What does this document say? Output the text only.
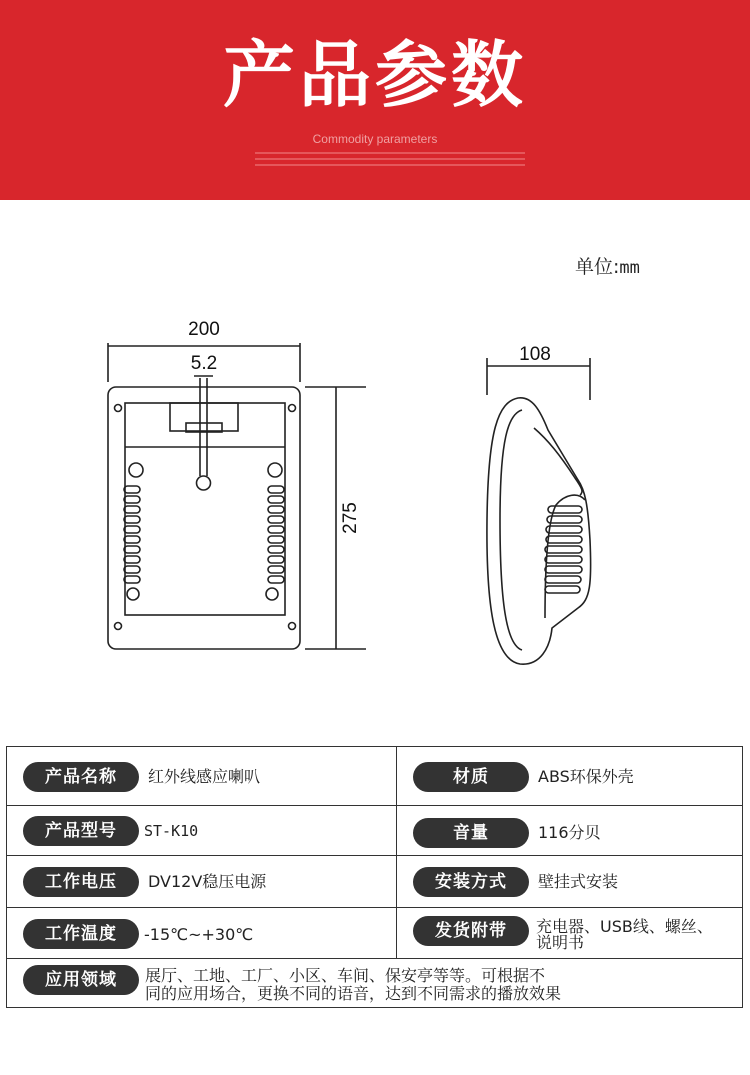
产品参数
Commodity parameters
单位:mm
200
5.2
275
108
产品名称	红外线感应喇叭	材质	ABS环保外壳
产品型号	ST-K10	音量	116分贝
工作电压	DV12V稳压电源	安装方式	壁挂式安装
工作温度	-15℃~+30℃	发货附带	充电器、USB线、螺丝、
说明书
应用领域	展厅、工地、工厂、小区、车间、保安亭等等。可根据不
同的应用场合，更换不同的语音，达到不同需求的播放效果
